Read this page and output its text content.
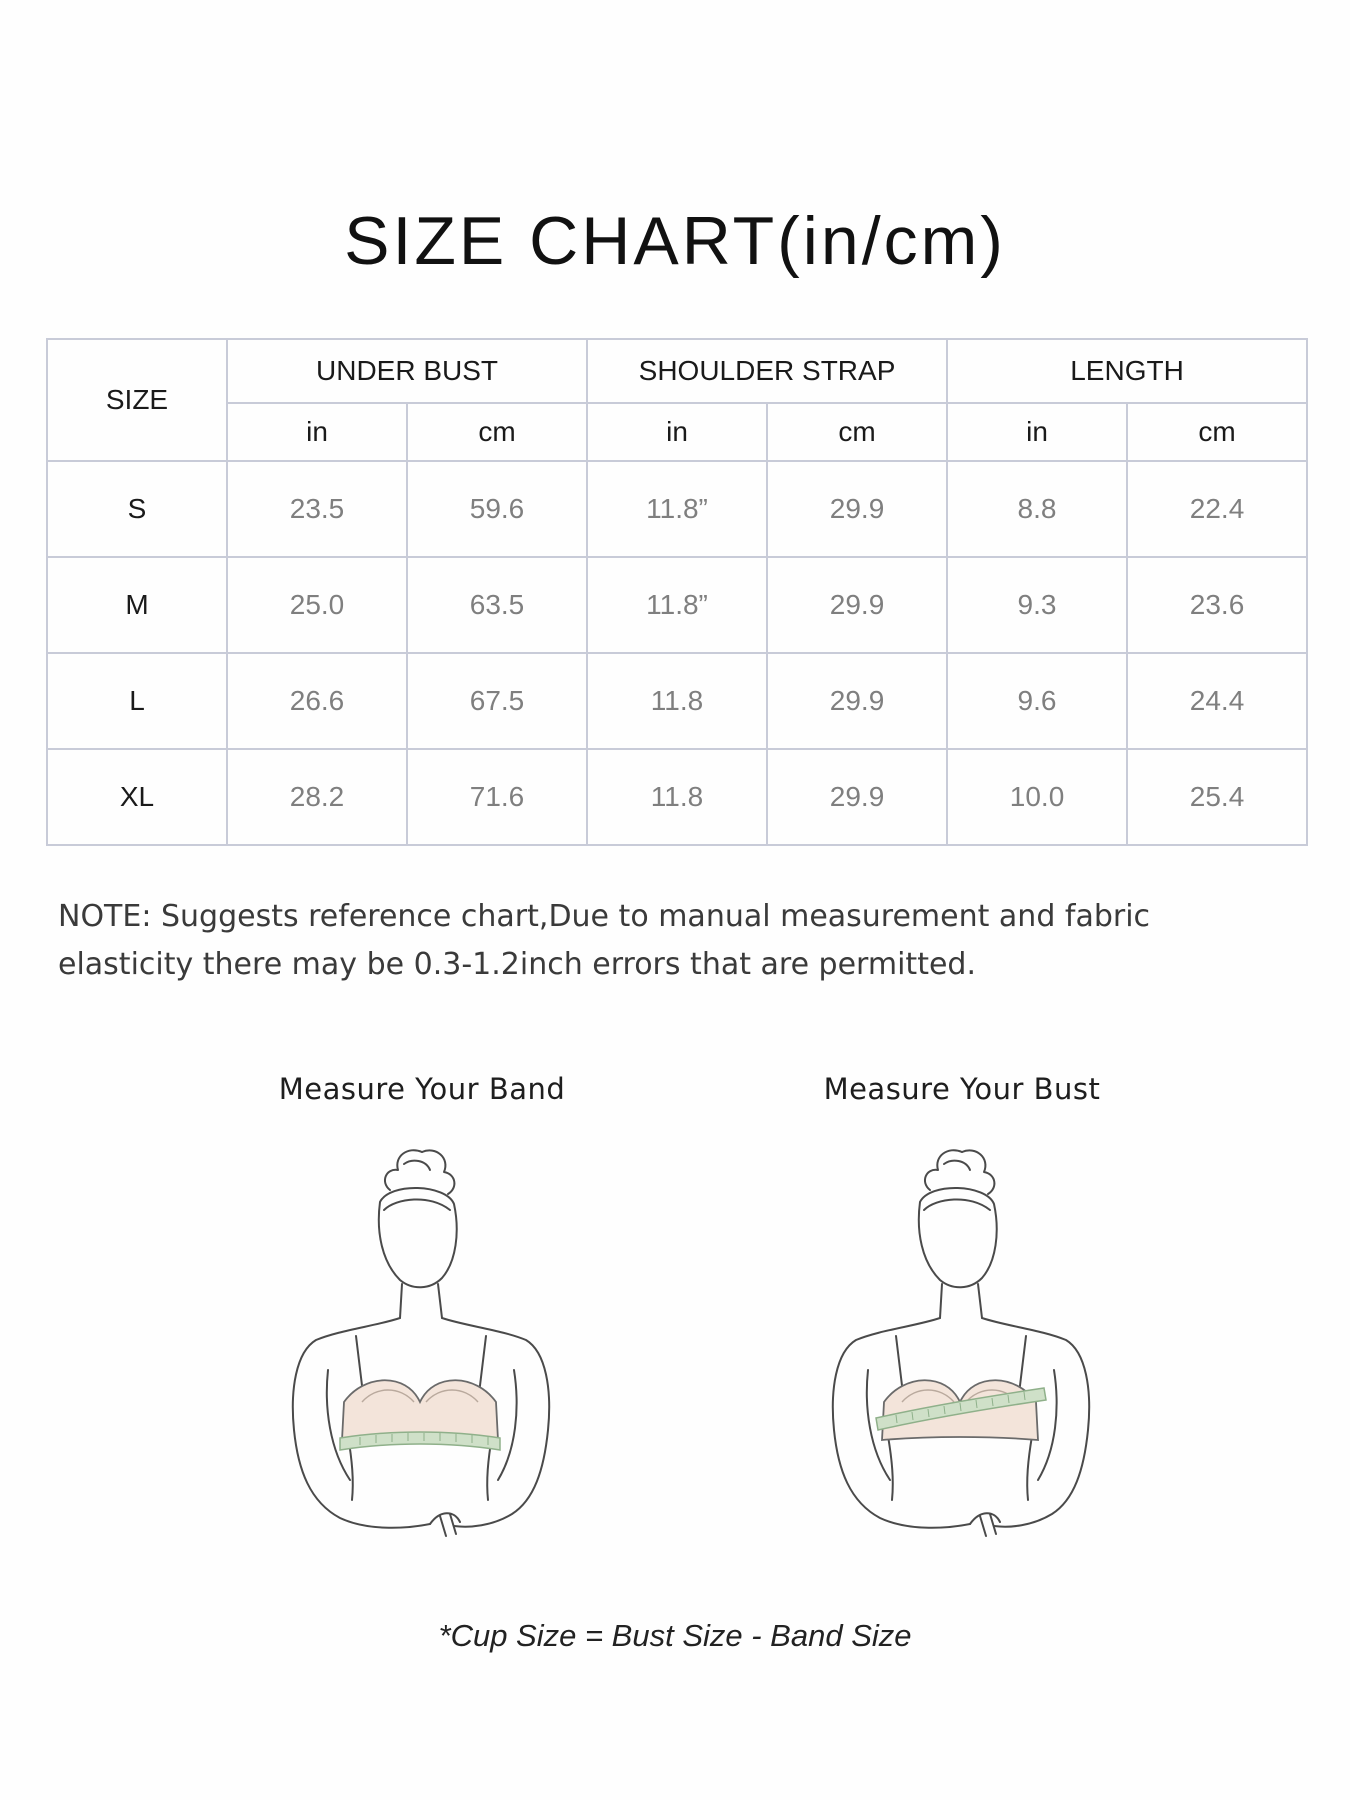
SIZE CHART(in/cm)
SIZE	UNDER BUST		SHOULDER STRAP		LENGTH	
	in	cm	in	cm	in	cm
S	23.5	59.6	11.8”	29.9	8.8	22.4
M	25.0	63.5	11.8”	29.9	9.3	23.6
L	26.6	67.5	11.8	29.9	9.6	24.4
XL	28.2	71.6	11.8	29.9	10.0	25.4
NOTE: Suggests reference chart,Due to manual measurement and fabric
elasticity there may be 0.3-1.2inch errors that are permitted.
Measure Your Band	Measure Your Bust
*Cup Size = Bust Size - Band Size
